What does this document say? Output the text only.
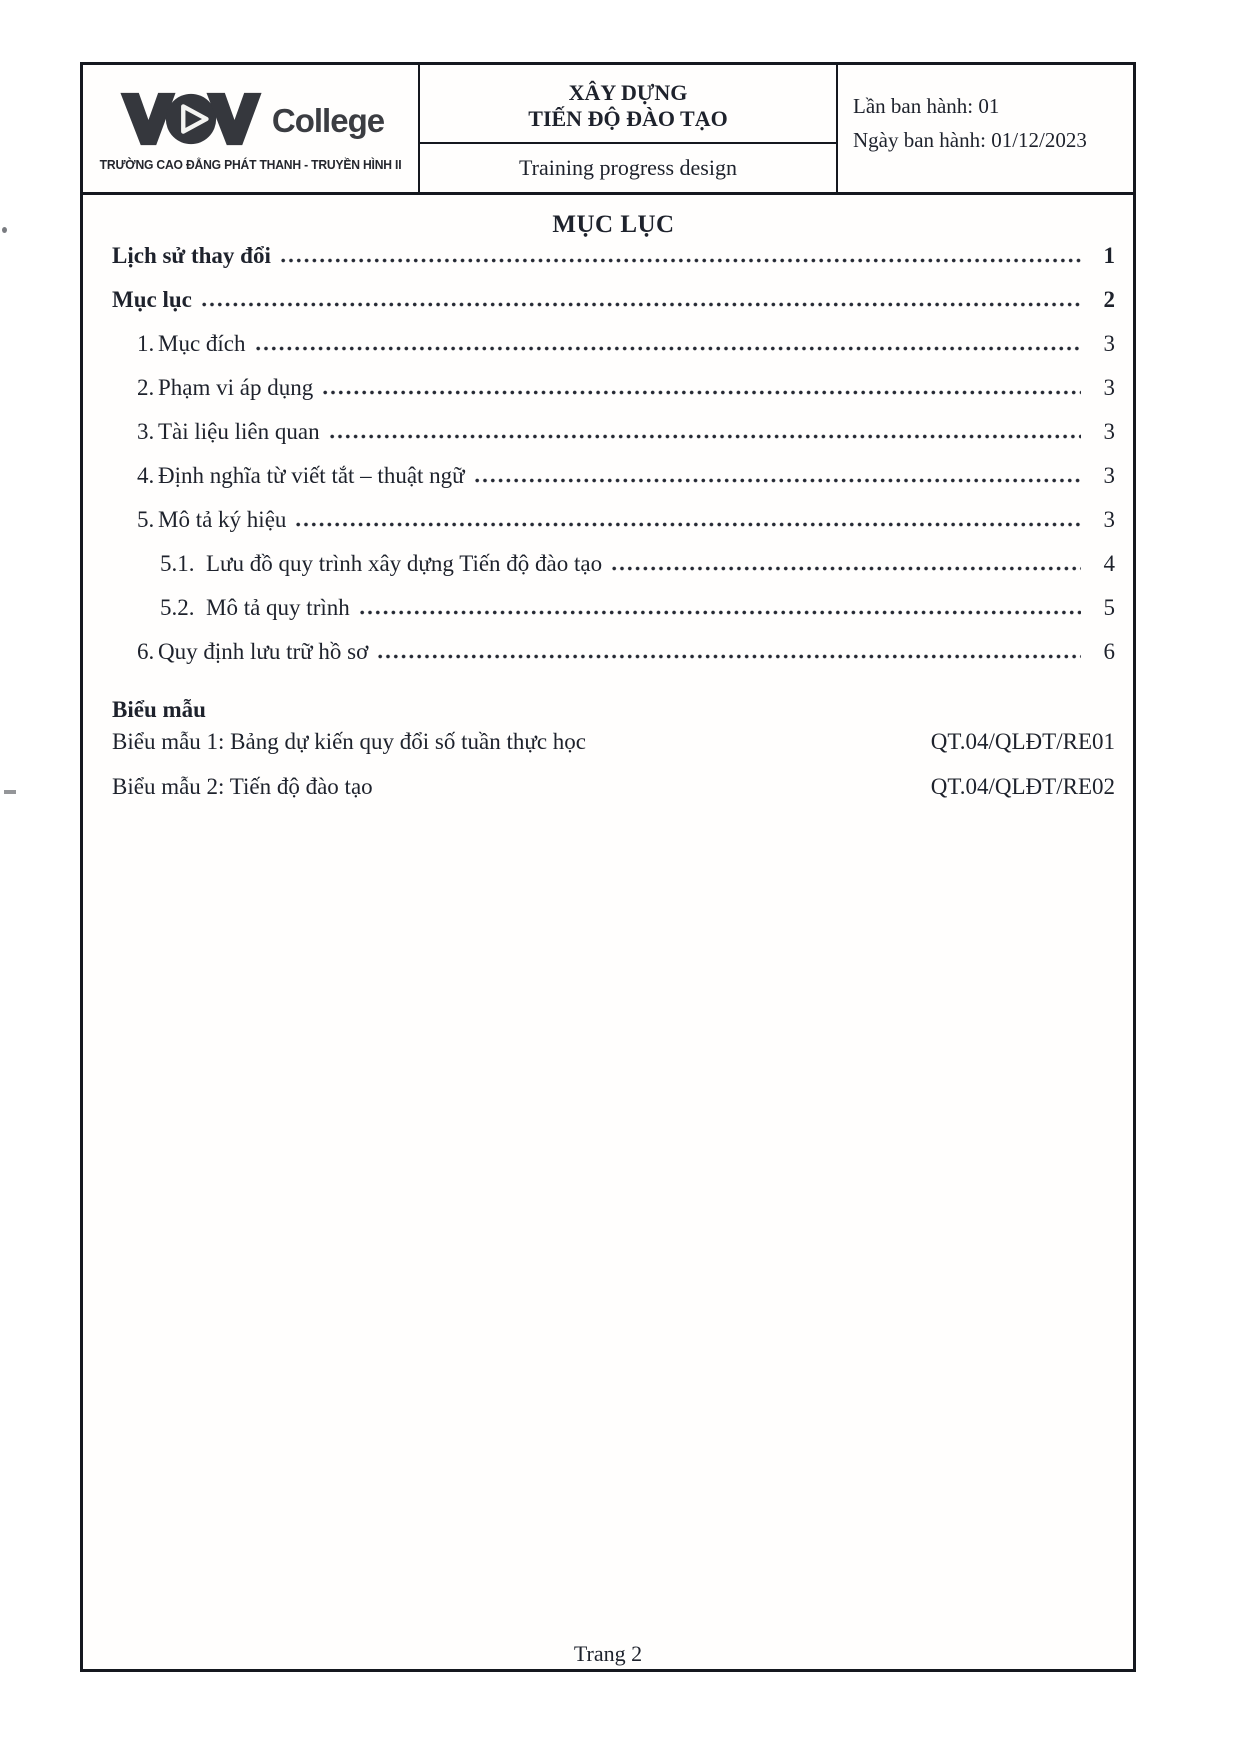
College
TRƯỜNG CAO ĐẲNG PHÁT THANH - TRUYỀN HÌNH II
XÂY DỰNG
TIẾN ĐỘ ĐÀO TẠO
Training progress design
Lần ban hành: 01
Ngày ban hành: 01/12/2023
MỤC LỤC
Lịch sử thay đổi	1
Mục lục	2
1. Mục đích	3
2. Phạm vi áp dụng	3
3. Tài liệu liên quan	3
4. Định nghĩa từ viết tắt – thuật ngữ	3
5. Mô tả ký hiệu	3
5.1. Lưu đồ quy trình xây dựng Tiến độ đào tạo	4
5.2. Mô tả quy trình	5
6. Quy định lưu trữ hồ sơ	6
Biểu mẫu
Biểu mẫu 1: Bảng dự kiến quy đổi số tuần thực học	QT.04/QLĐT/RE01
Biểu mẫu 2: Tiến độ đào tạo	QT.04/QLĐT/RE02
Trang 2
